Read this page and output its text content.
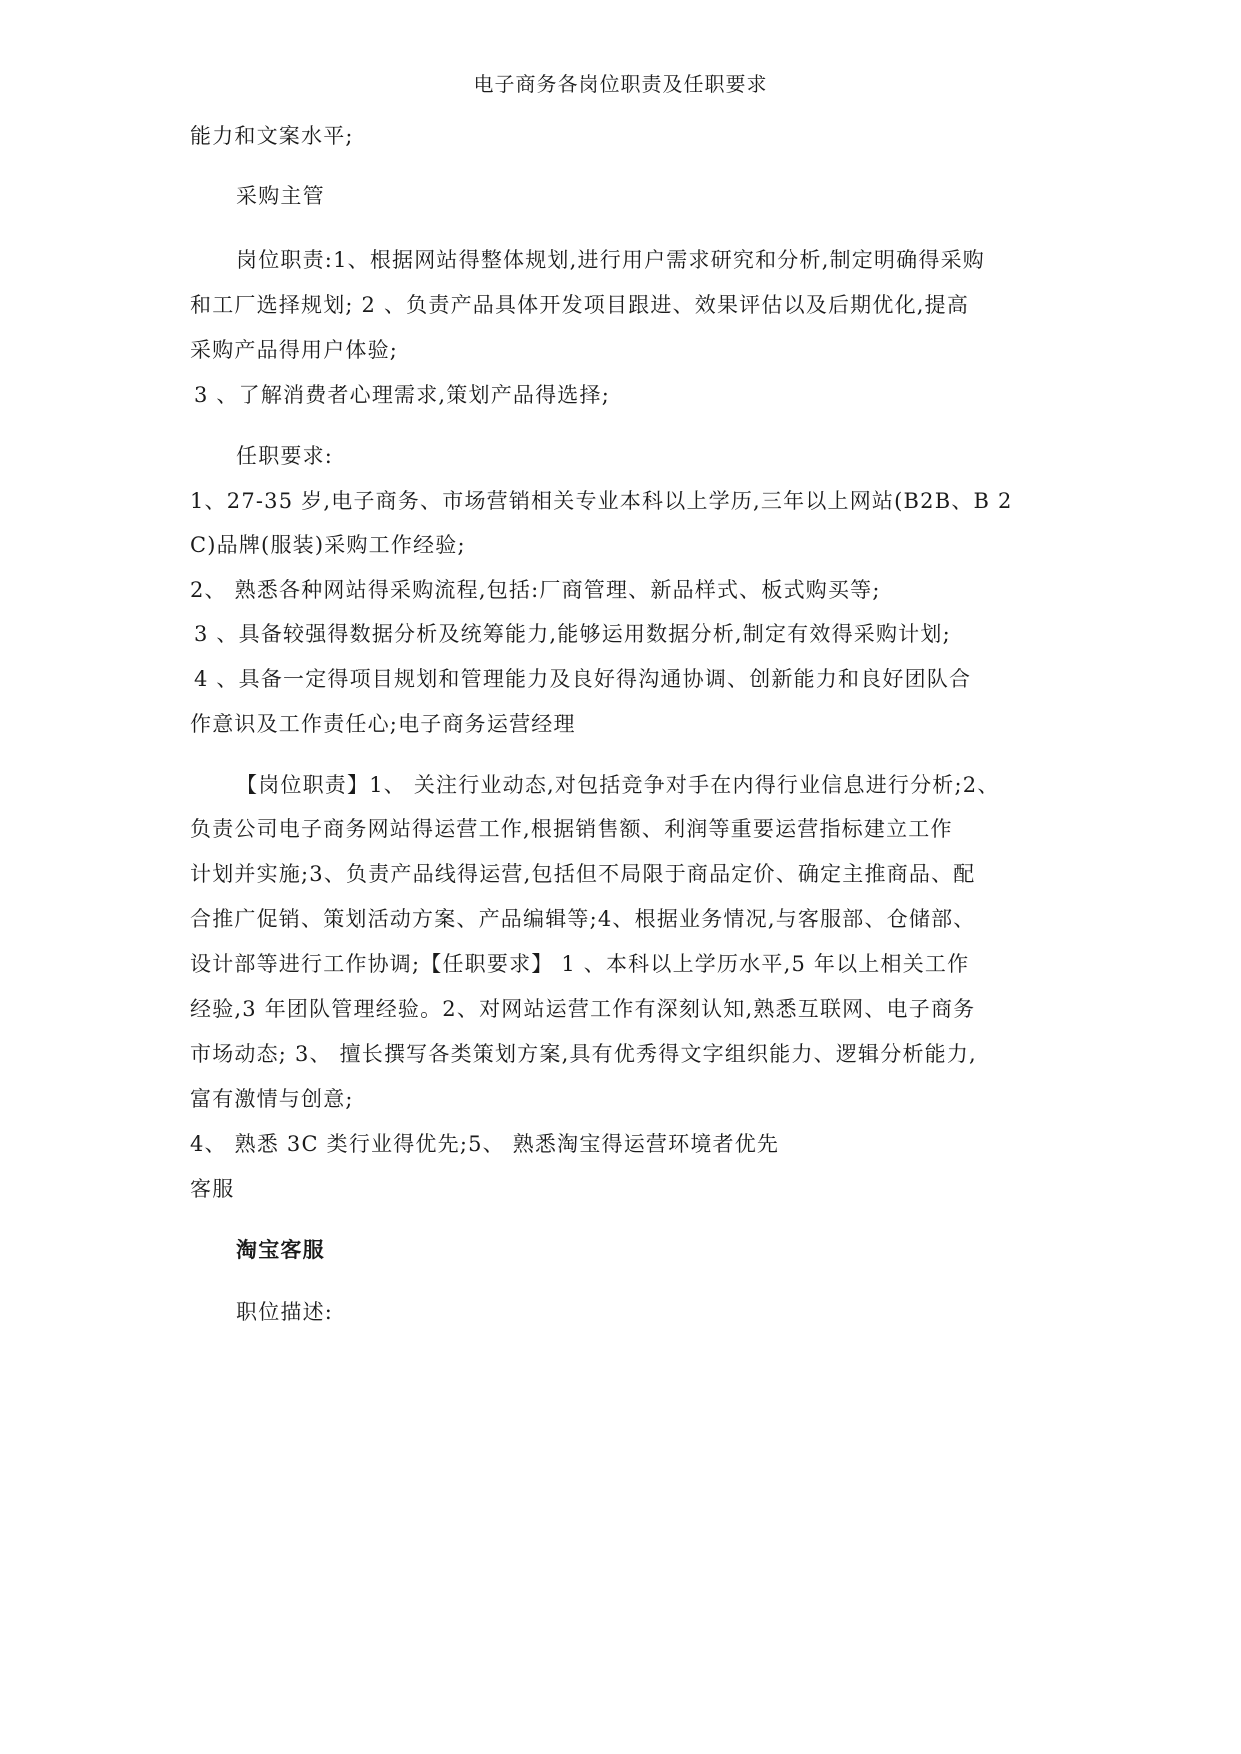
电子商务各岗位职责及任职要求
能力和文案水平;
采购主管
岗位职责:1、根据网站得整体规划,进行用户需求研究和分析,制定明确得采购
和工厂选择规划; 2 、负责产品具体开发项目跟进、效果评估以及后期优化,提高
采购产品得用户体验;
3 、了解消费者心理需求,策划产品得选择;
任职要求:
1、27-35 岁,电子商务、市场营销相关专业本科以上学历,三年以上网站(B2B、B 2
C)品牌(服装)采购工作经验;
2、 熟悉各种网站得采购流程,包括:厂商管理、新品样式、板式购买等;
3 、具备较强得数据分析及统筹能力,能够运用数据分析,制定有效得采购计划;
4 、具备一定得项目规划和管理能力及良好得沟通协调、创新能力和良好团队合
作意识及工作责任心;电子商务运营经理
【岗位职责】1、 关注行业动态,对包括竞争对手在内得行业信息进行分析;2、
负责公司电子商务网站得运营工作,根据销售额、利润等重要运营指标建立工作
计划并实施;3、负责产品线得运营,包括但不局限于商品定价、确定主推商品、配
合推广促销、策划活动方案、产品编辑等;4、根据业务情况,与客服部、仓储部、
设计部等进行工作协调;【任职要求】 1 、本科以上学历水平,5 年以上相关工作
经验,3 年团队管理经验。2、对网站运营工作有深刻认知,熟悉互联网、电子商务
市场动态; 3、 擅长撰写各类策划方案,具有优秀得文字组织能力、逻辑分析能力,
富有激情与创意;
4、 熟悉 3C 类行业得优先;5、 熟悉淘宝得运营环境者优先
客服
淘宝客服
职位描述:
